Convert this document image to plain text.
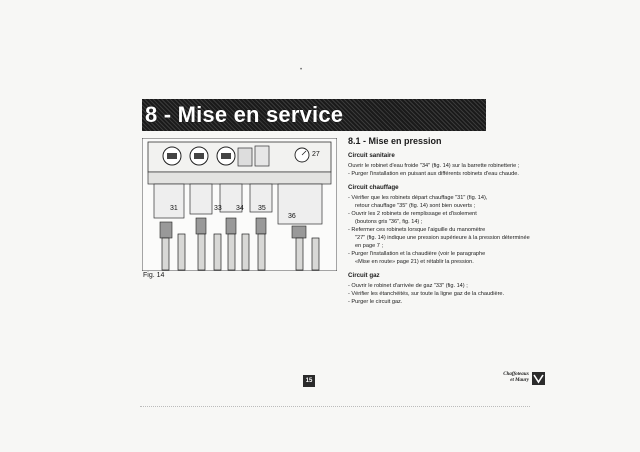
•
8 - Mise en service
27
31	33 34 35
36
Fig. 14
8.1 - Mise en pression
Circuit sanitaire

Ouvrir le robinet d'eau froide "34" (fig. 14) sur la barrette robinetterie ;

- Purger l'installation en puisant aux différents robinets d'eau chaude.

Circuit chauffage

- Vérifier que les robinets départ chauffage "31" (fig. 14),
retour chauffage "35" (fig. 14) sont bien ouverts ;

- Ouvrir les 2 robinets de remplissage et d'isolement
(boutons gris "36", fig. 14) ;

- Refermer ces robinets lorsque l'aiguille du manomètre
"27" (fig. 14) indique une pression supérieure à la pression déterminée en page 7 ;

- Purger l'installation et la chaudière (voir le paragraphe
«Mise en route» page 21) et rétablir la pression.

Circuit gaz

- Ouvrir le robinet d'arrivée de gaz "33" (fig. 14) ;

- Vérifier les étanchéités, sur toute la ligne gaz de la chaudière.

- Purger le circuit gaz.

15
Chaffoteaux
et Maury
